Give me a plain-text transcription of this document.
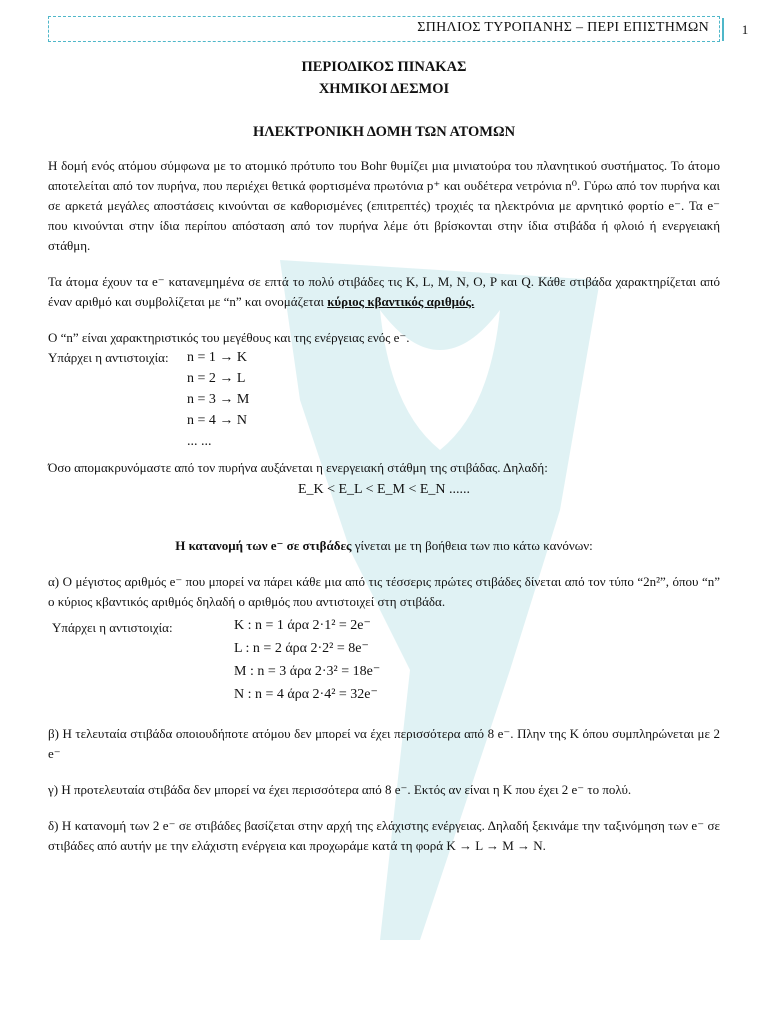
ΣΠΗΛΙΟΣ ΤΥΡΟΠΑΝΗΣ – ΠΕΡΙ ΕΠΙΣΤΗΜΩΝ	1
ΠΕΡΙΟΔΙΚΟΣ ΠΙΝΑΚΑΣ
ΧΗΜΙΚΟΙ ΔΕΣΜΟΙ
ΗΛΕΚΤΡΟΝΙΚΗ ΔΟΜΗ ΤΩΝ ΑΤΟΜΩΝ

Η δομή ενός ατόμου σύμφωνα με το ατομικό πρότυπο του Bohr θυμίζει μια μινιατούρα του πλανητικού συστήματος. Το άτομο αποτελείται από τον πυρήνα, που περιέχει θετικά φορτισμένα πρωτόνια p⁺ και ουδέτερα νετρόνια n⁰. Γύρω από τον πυρήνα και σε αρκετά μεγάλες αποστάσεις κινούνται σε καθορισμένες (επιτρεπτές) τροχιές τα ηλεκτρόνια με αρνητικό φορτίο e⁻. Τα e⁻ που κινούνται στην ίδια περίπου απόσταση από τον πυρήνα λέμε ότι βρίσκονται στην ίδια στιβάδα ή φλοιό ή ενεργειακή στάθμη.

Τα άτομα έχουν τα e⁻ κατανεμημένα σε επτά το πολύ στιβάδες τις K, L, M, N, O, P και Q. Κάθε στιβάδα χαρακτηρίζεται από έναν αριθμό και συμβολίζεται με “n” και ονομάζεται κύριος κβαντικός αριθμός.

Ο “n” είναι χαρακτηριστικός του μεγέθους και της ενέργειας ενός e⁻.

Υπάρχει η αντιστοιχία: n = 1 → K
n = 2 → L
n = 3 → M
n = 4 → N
... ...

Όσο απομακρυνόμαστε από τον πυρήνα αυξάνεται η ενεργειακή στάθμη της στιβάδας. Δηλαδή:

E_K < E_L < E_M < E_N ......

Η κατανομή των e⁻ σε στιβάδες γίνεται με τη βοήθεια των πιο κάτω κανόνων:

α) Ο μέγιστος αριθμός e⁻ που μπορεί να πάρει κάθε μια από τις τέσσερις πρώτες στιβάδες δίνεται από τον τύπο “2n²”, όπου “n” ο κύριος κβαντικός αριθμός δηλαδή ο αριθμός που αντιστοιχεί στη στιβάδα.

Υπάρχει η αντιστοιχία:	K : n = 1 άρα 2·1² = 2e⁻
L : n = 2 άρα 2·2² = 8e⁻
M : n = 3 άρα 2·3² = 18e⁻
N : n = 4 άρα 2·4² = 32e⁻

β) Η τελευταία στιβάδα οποιουδήποτε ατόμου δεν μπορεί να έχει περισσότερα από 8 e⁻. Πλην της K όπου συμπληρώνεται με 2 e⁻

γ) Η προτελευταία στιβάδα δεν μπορεί να έχει περισσότερα από 8 e⁻. Εκτός αν είναι η K που έχει 2 e⁻ το πολύ.

δ) Η κατανομή των 2 e⁻ σε στιβάδες βασίζεται στην αρχή της ελάχιστης ενέργειας. Δηλαδή ξεκινάμε την ταξινόμηση των e⁻ σε στιβάδες από αυτήν με την ελάχιστη ενέργεια και προχωράμε κατά τη φορά K → L → M → N.
